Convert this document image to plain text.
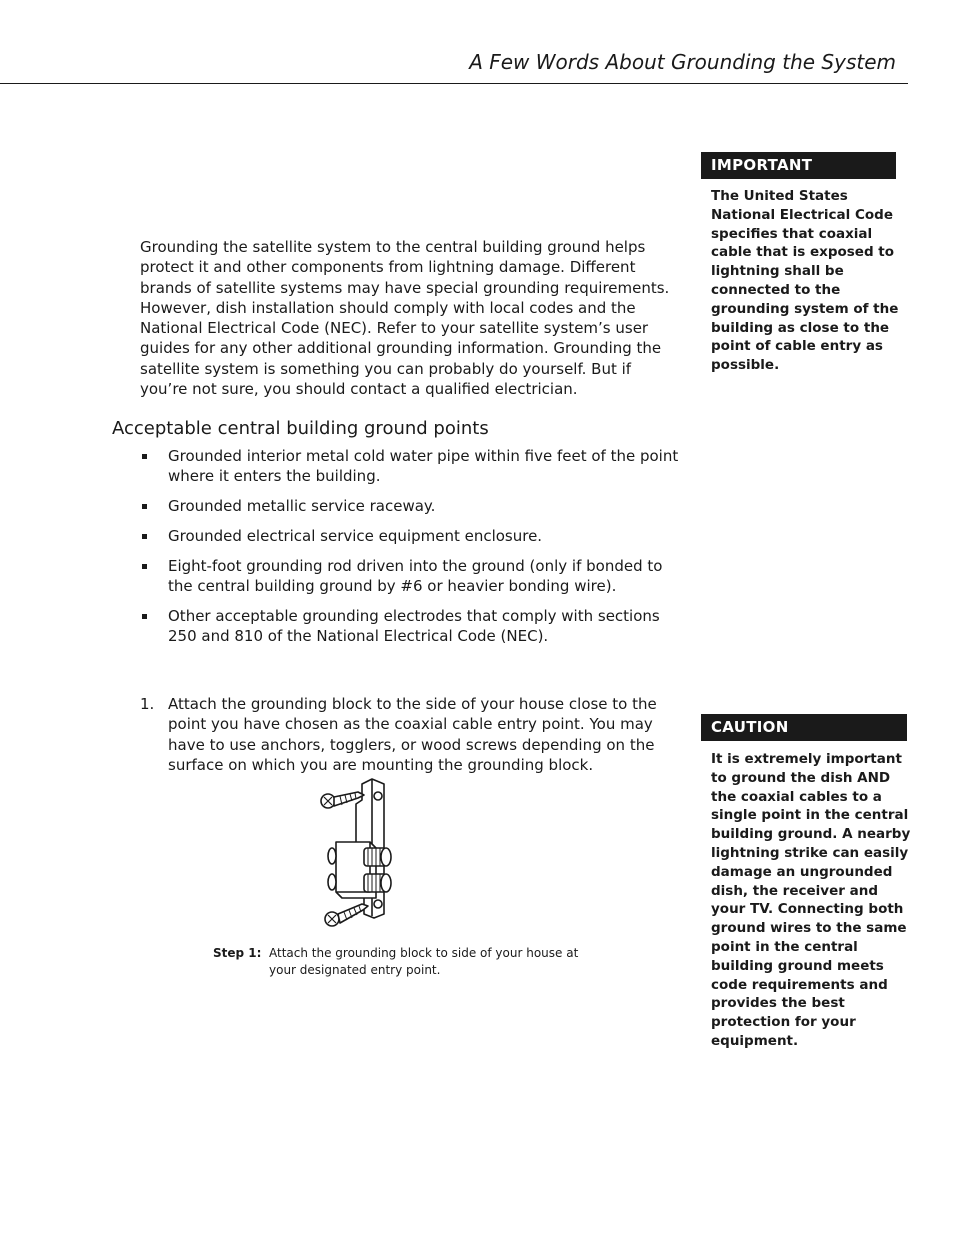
A Few Words About Grounding the System

Grounding the satellite system to the central building ground helps protect it and other components from lightning damage. Different brands of satellite systems may have special grounding requirements. However, dish installation should comply with local codes and the National Electrical Code (NEC). Refer to your satellite system’s user guides for any other additional grounding information. Grounding the satellite system is something you can probably do yourself. But if you’re not sure, you should contact a qualified electrician.

Acceptable central building ground points
Grounded interior metal cold water pipe within five feet of the point where it enters the building.
Grounded metallic service raceway.
Grounded electrical service equipment enclosure.
Eight-foot grounding rod driven into the ground (only if bonded to the central building ground by #6 or heavier bonding wire).
Other acceptable grounding electrodes that comply with sections 250 and 810 of the National Electrical Code (NEC).
1. Attach the grounding block to the side of your house close to the point you have chosen as the coaxial cable entry point. You may have to use anchors, togglers, or wood screws depending on the surface on which you are mounting the grounding block.
Step 1: Attach the grounding block to side of your house at your designated entry point.
IMPORTANT
The United States National Electrical Code specifies that coaxial cable that is exposed to lightning shall be connected to the grounding system of the building as close to the point of cable entry as possible.
CAUTION
It is extremely important to ground the dish AND the coaxial cables to a single point in the central building ground. A nearby lightning strike can easily damage an ungrounded dish, the receiver and your TV. Connecting both ground wires to the same point in the central building ground meets code requirements and provides the best protection for your equipment.
